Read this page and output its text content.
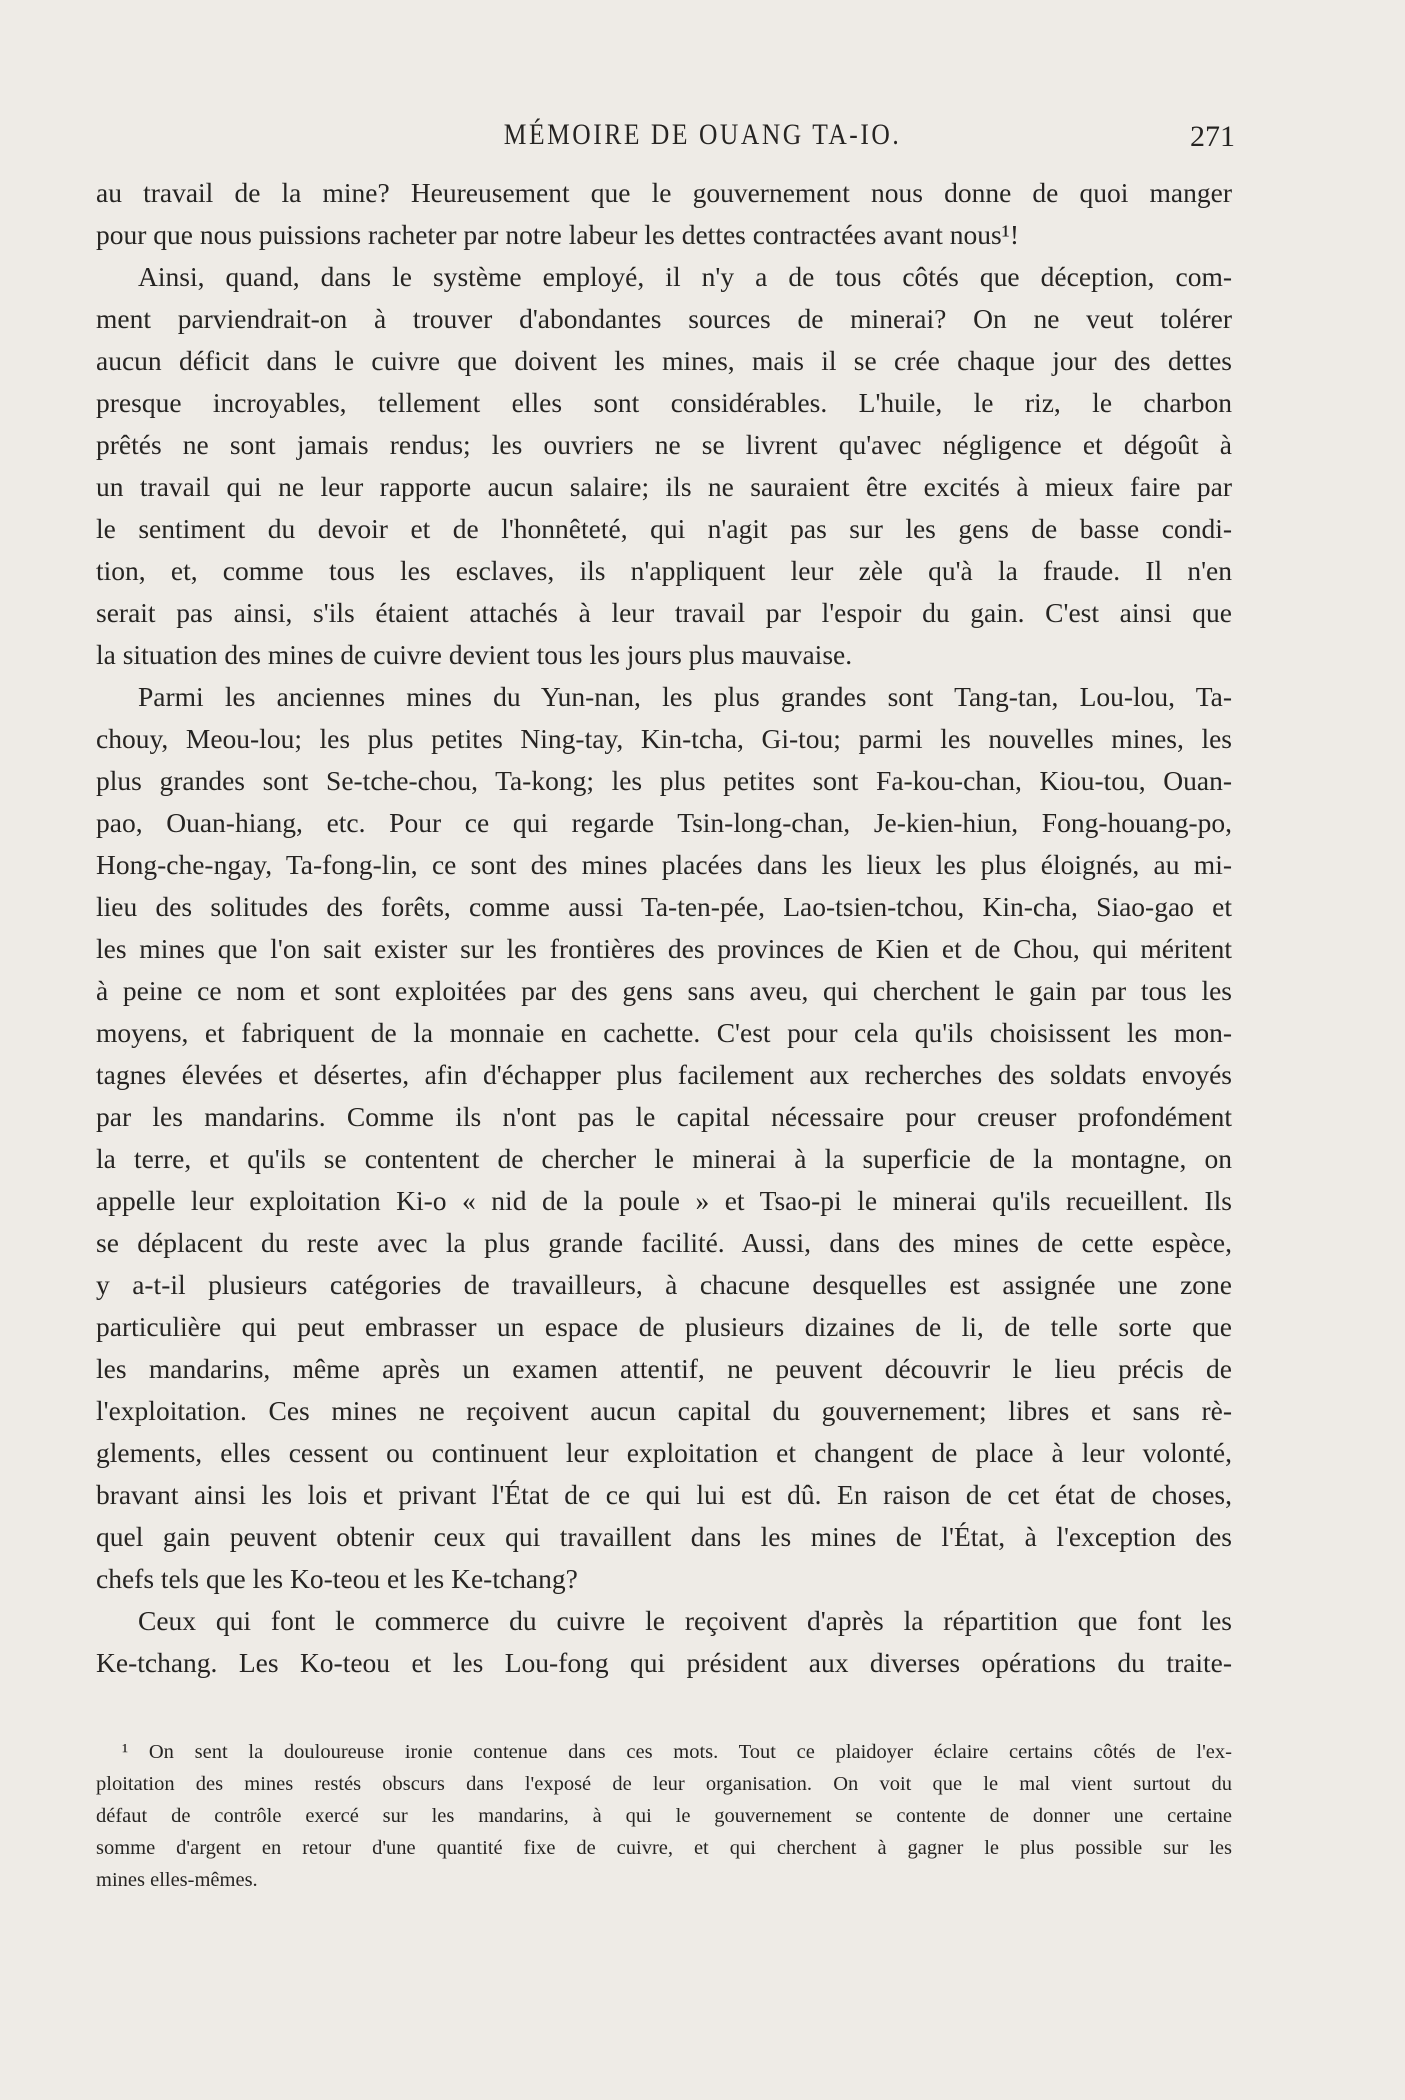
MÉMOIRE DE OUANG TA-IO.	271
au travail de la mine? Heureusement que le gouvernement nous donne de quoi manger
pour que nous puissions racheter par notre labeur les dettes contractées avant nous¹!
Ainsi, quand, dans le système employé, il n'y a de tous côtés que déception, com-
ment parviendrait-on à trouver d'abondantes sources de minerai? On ne veut tolérer
aucun déficit dans le cuivre que doivent les mines, mais il se crée chaque jour des dettes
presque incroyables, tellement elles sont considérables. L'huile, le riz, le charbon
prêtés ne sont jamais rendus; les ouvriers ne se livrent qu'avec négligence et dégoût à
un travail qui ne leur rapporte aucun salaire; ils ne sauraient être excités à mieux faire par
le sentiment du devoir et de l'honnêteté, qui n'agit pas sur les gens de basse condi-
tion, et, comme tous les esclaves, ils n'appliquent leur zèle qu'à la fraude. Il n'en
serait pas ainsi, s'ils étaient attachés à leur travail par l'espoir du gain. C'est ainsi que
la situation des mines de cuivre devient tous les jours plus mauvaise.
Parmi les anciennes mines du Yun-nan, les plus grandes sont Tang-tan, Lou-lou, Ta-
chouy, Meou-lou; les plus petites Ning-tay, Kin-tcha, Gi-tou; parmi les nouvelles mines, les
plus grandes sont Se-tche-chou, Ta-kong; les plus petites sont Fa-kou-chan, Kiou-tou, Ouan-
pao, Ouan-hiang, etc. Pour ce qui regarde Tsin-long-chan, Je-kien-hiun, Fong-houang-po,
Hong-che-ngay, Ta-fong-lin, ce sont des mines placées dans les lieux les plus éloignés, au mi-
lieu des solitudes des forêts, comme aussi Ta-ten-pée, Lao-tsien-tchou, Kin-cha, Siao-gao et
les mines que l'on sait exister sur les frontières des provinces de Kien et de Chou, qui méritent
à peine ce nom et sont exploitées par des gens sans aveu, qui cherchent le gain par tous les
moyens, et fabriquent de la monnaie en cachette. C'est pour cela qu'ils choisissent les mon-
tagnes élevées et désertes, afin d'échapper plus facilement aux recherches des soldats envoyés
par les mandarins. Comme ils n'ont pas le capital nécessaire pour creuser profondément
la terre, et qu'ils se contentent de chercher le minerai à la superficie de la montagne, on
appelle leur exploitation Ki-o « nid de la poule » et Tsao-pi le minerai qu'ils recueillent. Ils
se déplacent du reste avec la plus grande facilité. Aussi, dans des mines de cette espèce,
y a-t-il plusieurs catégories de travailleurs, à chacune desquelles est assignée une zone
particulière qui peut embrasser un espace de plusieurs dizaines de li, de telle sorte que
les mandarins, même après un examen attentif, ne peuvent découvrir le lieu précis de
l'exploitation. Ces mines ne reçoivent aucun capital du gouvernement; libres et sans rè-
glements, elles cessent ou continuent leur exploitation et changent de place à leur volonté,
bravant ainsi les lois et privant l'État de ce qui lui est dû. En raison de cet état de choses,
quel gain peuvent obtenir ceux qui travaillent dans les mines de l'État, à l'exception des
chefs tels que les Ko-teou et les Ke-tchang?
Ceux qui font le commerce du cuivre le reçoivent d'après la répartition que font les
Ke-tchang. Les Ko-teou et les Lou-fong qui président aux diverses opérations du traite-
¹ On sent la douloureuse ironie contenue dans ces mots. Tout ce plaidoyer éclaire certains côtés de l'ex-
ploitation des mines restés obscurs dans l'exposé de leur organisation. On voit que le mal vient surtout du
défaut de contrôle exercé sur les mandarins, à qui le gouvernement se contente de donner une certaine
somme d'argent en retour d'une quantité fixe de cuivre, et qui cherchent à gagner le plus possible sur les
mines elles-mêmes.
